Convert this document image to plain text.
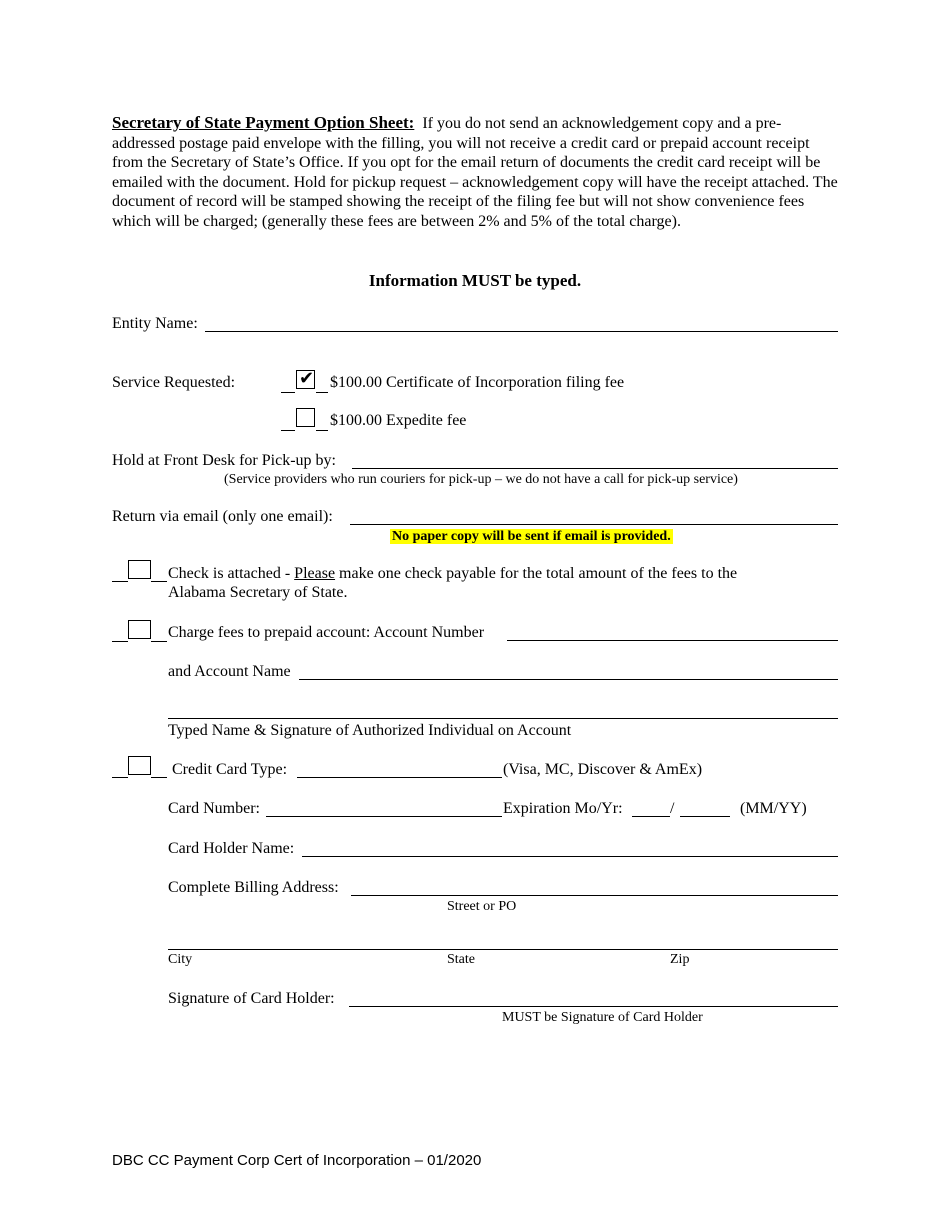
Secretary of State Payment Option Sheet: If you do not send an acknowledgement copy and a pre-addressed postage paid envelope with the filling, you will not receive a credit card or prepaid account receipt from the Secretary of State’s Office. If you opt for the email return of documents the credit card receipt will be emailed with the document. Hold for pickup request – acknowledgement copy will have the receipt attached. The document of record will be stamped showing the receipt of the filing fee but will not show convenience fees which will be charged; (generally these fees are between 2% and 5% of the total charge).
Information MUST be typed.
Entity Name:
Service Requested:	✔ $100.00 Certificate of Incorporation filing fee
$100.00 Expedite fee
Hold at Front Desk for Pick-up by:
(Service providers who run couriers for pick-up – we do not have a call for pick-up service)
Return via email (only one email):
No paper copy will be sent if email is provided.
Check is attached - Please make one check payable for the total amount of the fees to the
Alabama Secretary of State.
Charge fees to prepaid account: Account Number
and Account Name
Typed Name & Signature of Authorized Individual on Account
Credit Card Type:	(Visa, MC, Discover & AmEx)
Card Number:	Expiration Mo/Yr:	/	(MM/YY)
Card Holder Name:
Complete Billing Address:
Street or PO
City	State	Zip
Signature of Card Holder:
MUST be Signature of Card Holder
DBC CC Payment Corp Cert of Incorporation – 01/2020
